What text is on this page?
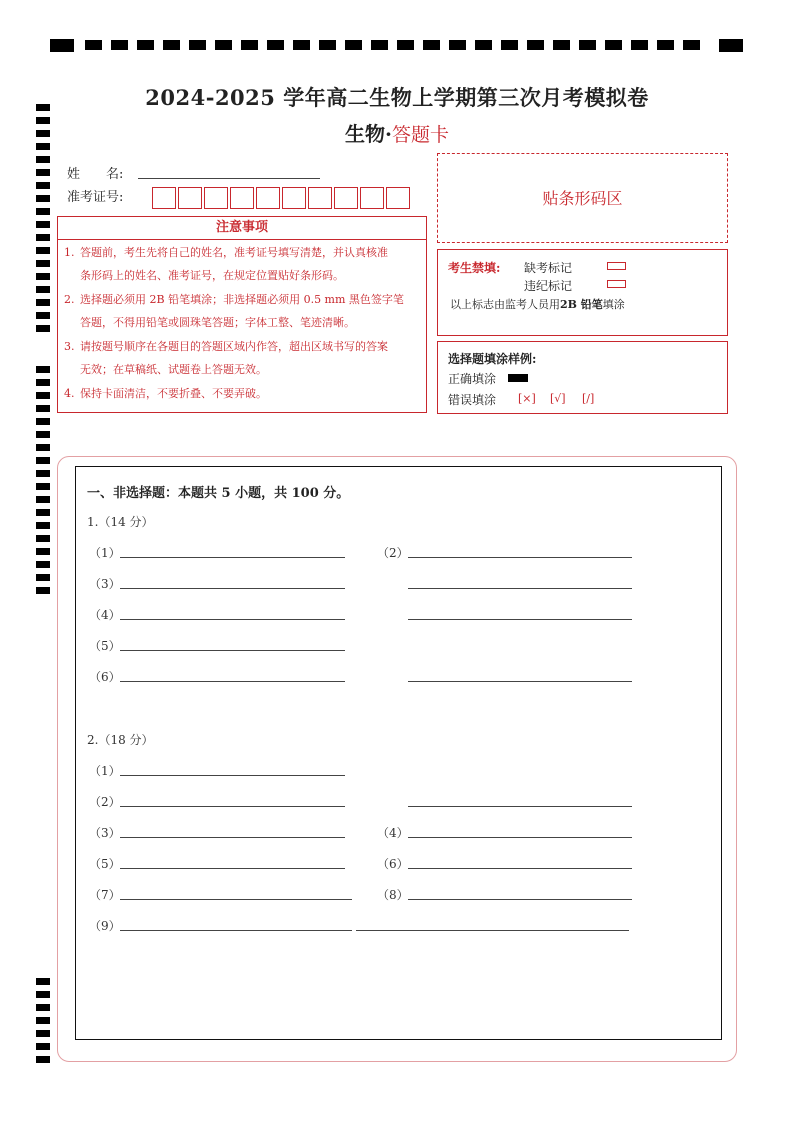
2024-2025 学年高二生物上学期第三次月考模拟卷
生物·答题卡
姓　　名:
准考证号:
注意事项
1. 答题前，考生先将自己的姓名，准考证号填写清楚，并认真核准
条形码上的姓名、准考证号，在规定位置贴好条形码。
2. 选择题必须用 2B 铅笔填涂；非选择题必须用 0.5 mm 黑色签字笔
答题，不得用铅笔或圆珠笔答题；字体工整、笔迹清晰。
3. 请按题号顺序在各题目的答题区域内作答，超出区域书写的答案
无效；在草稿纸、试题卷上答题无效。
4. 保持卡面清洁，不要折叠、不要弄破。
贴条形码区
考生禁填: 缺考标记
违纪标记
以上标志由监考人员用2B 铅笔填涂
选择题填涂样例:
正确填涂
错误填涂 [×] [√] [/]
一、非选择题：本题共 5 小题，共 100 分。
1.（14 分）
（1）	（2）
（3）
（4）
（5）
（6）
2.（18 分）
（1）
（2）
（3）	（4）
（5）	（6）
（7）	（8）
（9）
